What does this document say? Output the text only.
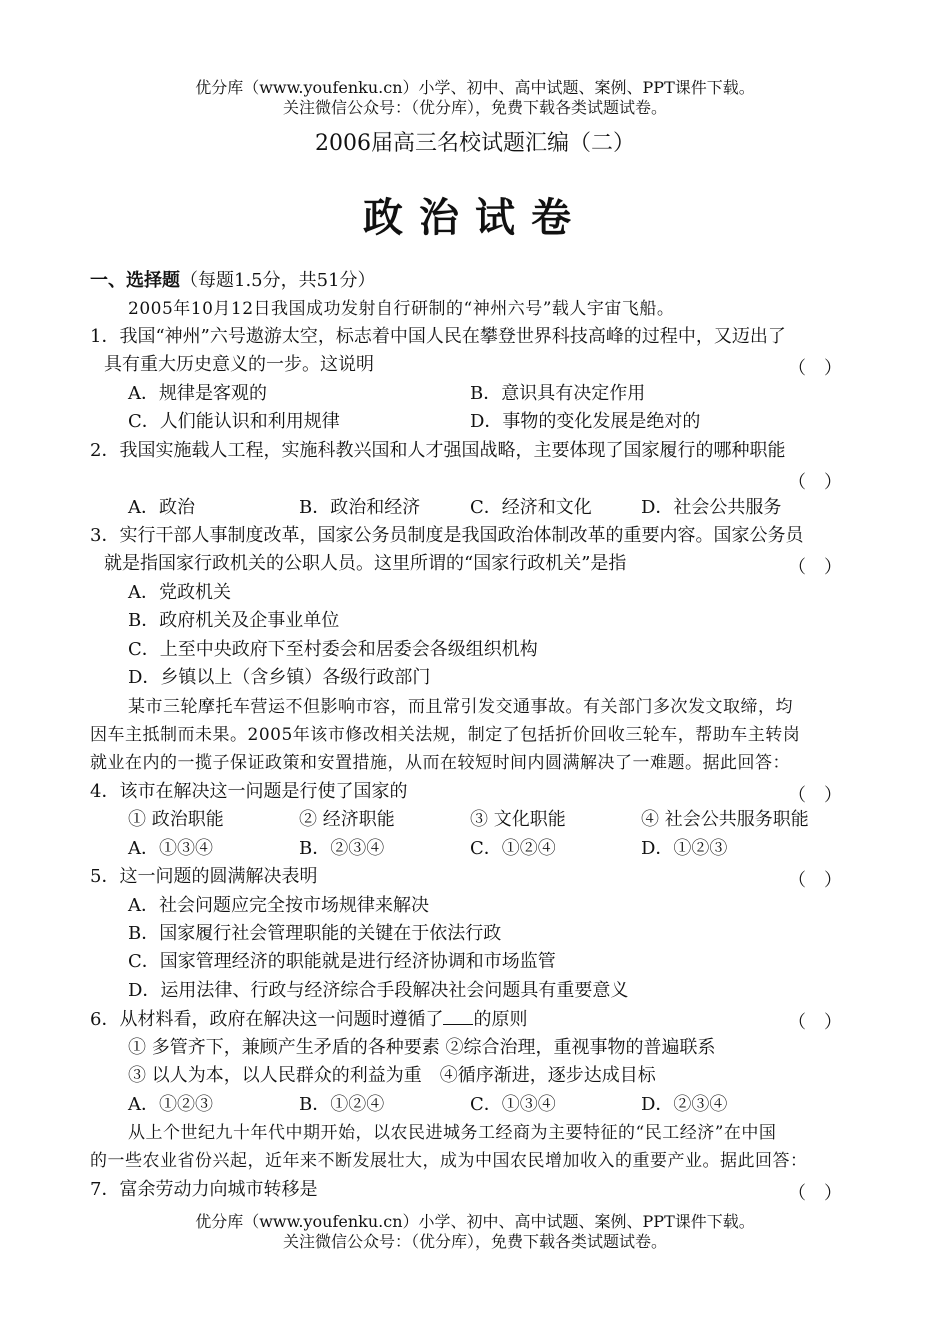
优分库（www.youfenku.cn）小学、初中、高中试题、案例、PPT课件下载。
关注微信公众号：（优分库），免费下载各类试题试卷。
2006届高三名校试题汇编（二）
政治试卷
一、选择题（每题1.5分，共51分）
2005年10月12日我国成功发射自行研制的“神州六号”载人宇宙飞船。
1．我国“神州”六号遨游太空，标志着中国人民在攀登世界科技高峰的过程中，又迈出了
具有重大历史意义的一步。这说明	（　）
A．规律是客观的	B．意识具有决定作用
C．人们能认识和利用规律	D．事物的变化发展是绝对的
2．我国实施载人工程，实施科教兴国和人才强国战略，主要体现了国家履行的哪种职能
（　）
A．政治	B．政治和经济	C．经济和文化	D．社会公共服务
3．实行干部人事制度改革，国家公务员制度是我国政治体制改革的重要内容。国家公务员
就是指国家行政机关的公职人员。这里所谓的“国家行政机关”是指	（　）
A．党政机关
B．政府机关及企事业单位
C．上至中央政府下至村委会和居委会各级组织机构
D．乡镇以上（含乡镇）各级行政部门
某市三轮摩托车营运不但影响市容，而且常引发交通事故。有关部门多次发文取缔，均
因车主抵制而未果。2005年该市修改相关法规，制定了包括折价回收三轮车，帮助车主转岗
就业在内的一揽子保证政策和安置措施，从而在较短时间内圆满解决了一难题。据此回答：
4．该市在解决这一问题是行使了国家的	（　）
① 政治职能	② 经济职能	③ 文化职能	④ 社会公共服务职能
A．①③④	B．②③④	C．①②④	D．①②③
5．这一问题的圆满解决表明	（　）
A．社会问题应完全按市场规律来解决
B．国家履行社会管理职能的关键在于依法行政
C．国家管理经济的职能就是进行经济协调和市场监管
D．运用法律、行政与经济综合手段解决社会问题具有重要意义
6．从材料看，政府在解决这一问题时遵循了 的原则	（　）
① 多管齐下，兼顾产生矛盾的各种要素 ②综合治理，重视事物的普遍联系
③ 以人为本，以人民群众的利益为重　④循序渐进，逐步达成目标
A．①②③	B．①②④	C．①③④	D．②③④
从上个世纪九十年代中期开始，以农民进城务工经商为主要特征的“民工经济”在中国
的一些农业省份兴起，近年来不断发展壮大，成为中国农民增加收入的重要产业。据此回答：
7．富余劳动力向城市转移是	（　）
优分库（www.youfenku.cn）小学、初中、高中试题、案例、PPT课件下载。
关注微信公众号：（优分库），免费下载各类试题试卷。
